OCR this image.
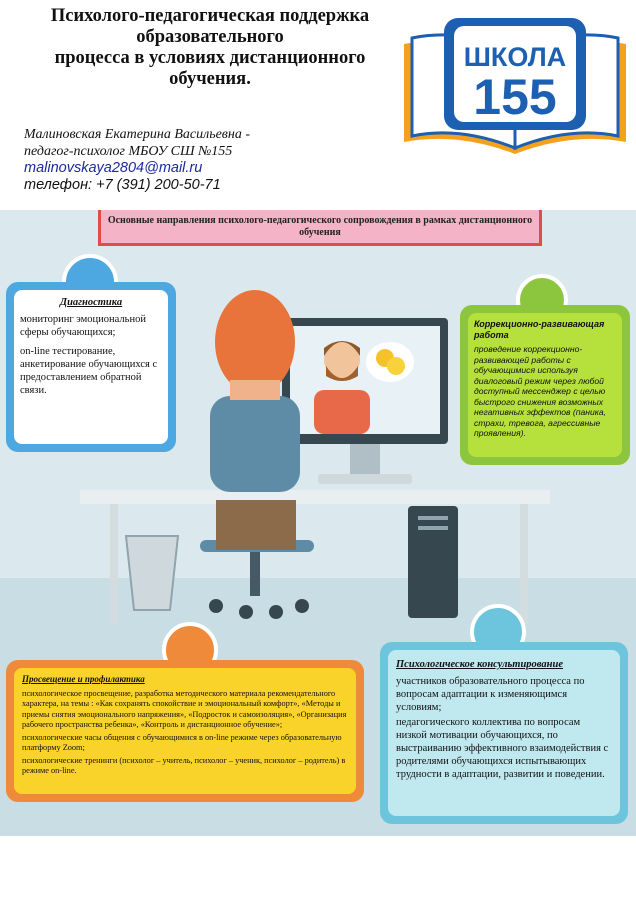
Психолого-педагогическая поддержка
образовательного
процесса в условиях дистанционного
обучения.
Малиновская Екатерина Васильевна -
педагог-психолог МБОУ СШ №155
malinovskaya2804@mail.ru
телефон: +7 (391) 200-50-71
ШКОЛА
155
Основные направления психолого-педагогического сопровождения в рамках дистанционного обучения
Диагностика
мониторинг эмоциональной сферы обучающихся;
on-line тестирование, анкетирование обучающихся с предоставлением обратной связи.
Коррекционно-развивающая работа
проведение коррекционно-развивающей работы с обучающимися используя диалоговый режим через любой доступный мессенджер с целью быстрого снижения возможных негативных эффектов (паника, страхи, тревога, агрессивные проявления).
Просвещение и профилактика
психологическое просвещение, разработка методического материала рекомендательного характера, на темы : «Как сохранять спокойствие и эмоциональный комфорт», «Методы и приемы снятия эмоционального напряжения», «Подросток и самоизоляция», «Организация рабочего пространства ребенка», «Контроль и дистанционное обучение»;
психологические часы общения с обучающимися в on-line режиме через образовательную платформу Zoom;
психологические тренинги (психолог – учитель, психолог – ученик, психолог – родитель) в режиме on-line.
Психологическое консультирование
участников образовательного процесса по вопросам адаптации к изменяющимся условиям;
педагогического коллектива по вопросам низкой мотивации обучающихся, по выстраиванию эффективного взаимодействия с родителями обучающихся испытывающих трудности в адаптации, развитии и поведении.
